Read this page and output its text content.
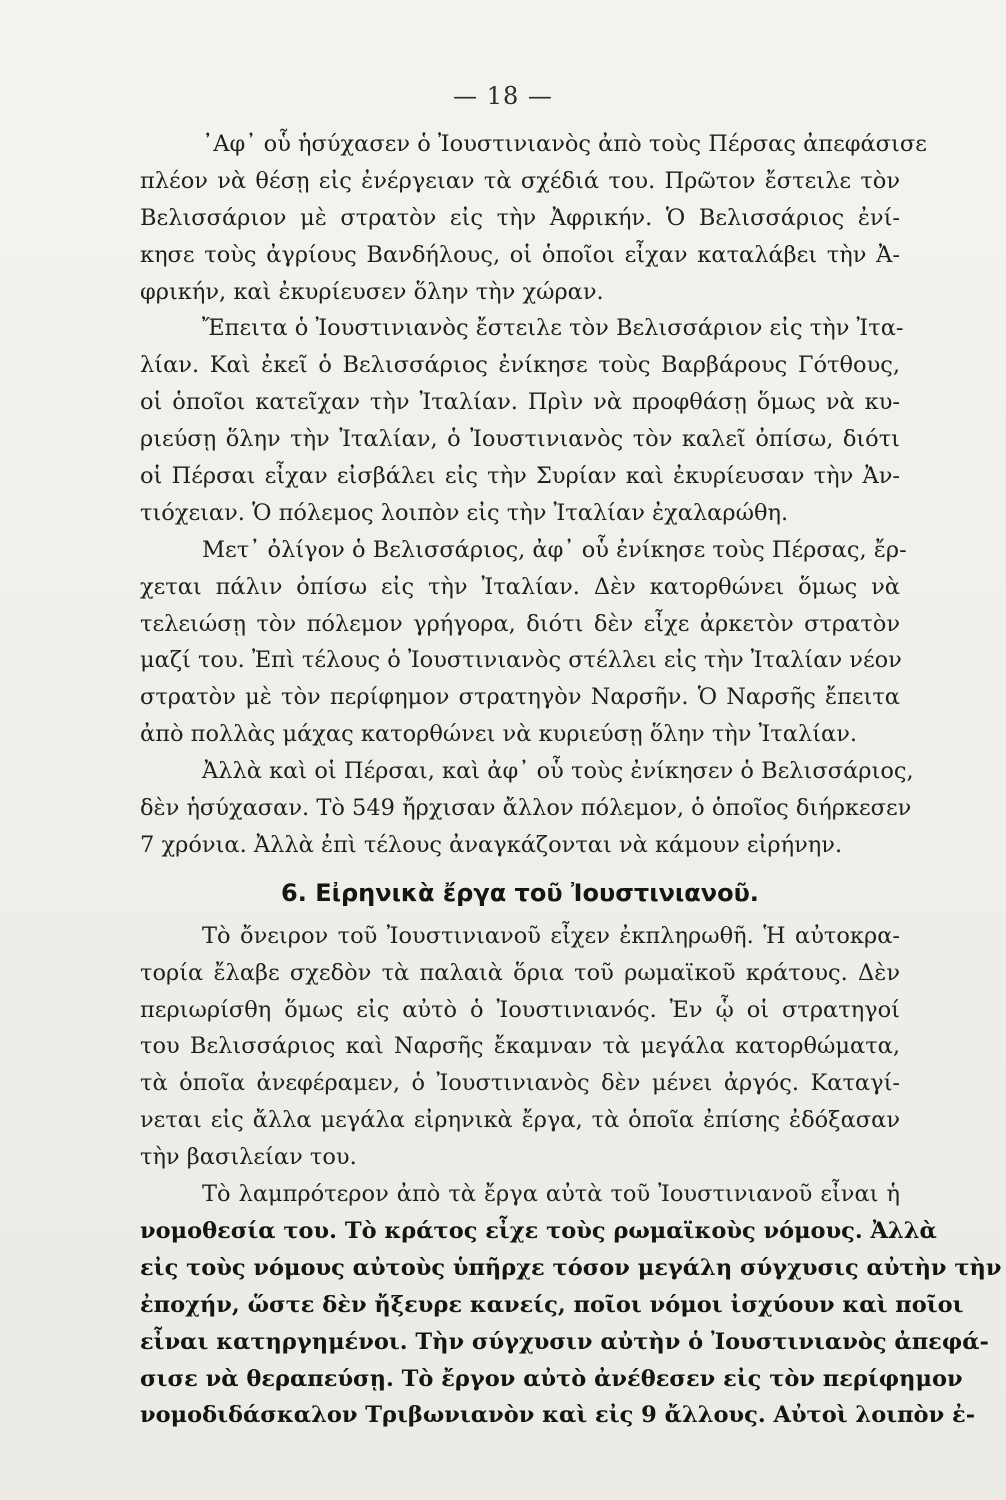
— 18 —
᾿Αφ᾿ οὗ ἡσύχασεν ὁ Ἰουστινιανὸς ἀπὸ τοὺς Πέρσας ἀπεφάσισε
πλέον νὰ θέσῃ εἰς ἐνέργειαν τὰ σχέδιά του. Πρῶτον ἔστειλε τὸν
Βελισσάριον μὲ στρατὸν εἰς τὴν Ἀφρικήν. Ὁ Βελισσάριος ἐνί-
κησε τοὺς ἀγρίους Βανδήλους, οἱ ὁποῖοι εἶχαν καταλάβει τὴν Ἀ-
φρικήν, καὶ ἐκυρίευσεν ὅλην τὴν χώραν.
Ἔπειτα ὁ Ἰουστινιανὸς ἔστειλε τὸν Βελισσάριον εἰς τὴν Ἰτα-
λίαν. Καὶ ἐκεῖ ὁ Βελισσάριος ἐνίκησε τοὺς Βαρβάρους Γότθους,
οἱ ὁποῖοι κατεῖχαν τὴν Ἰταλίαν. Πρὶν νὰ προφθάσῃ ὅμως νὰ κυ-
ριεύσῃ ὅλην τὴν Ἰταλίαν, ὁ Ἰουστινιανὸς τὸν καλεῖ ὀπίσω, διότι
οἱ Πέρσαι εἶχαν εἰσβάλει εἰς τὴν Συρίαν καὶ ἐκυρίευσαν τὴν Ἀν-
τιόχειαν. Ὁ πόλεμος λοιπὸν εἰς τὴν Ἰταλίαν ἐχαλαρώθη.
Μετ᾿ ὀλίγον ὁ Βελισσάριος, ἀφ᾿ οὗ ἐνίκησε τοὺς Πέρσας, ἔρ-
χεται πάλιν ὀπίσω εἰς τὴν Ἰταλίαν. Δὲν κατορθώνει ὅμως νὰ
τελειώσῃ τὸν πόλεμον γρήγορα, διότι δὲν εἶχε ἀρκετὸν στρατὸν
μαζί του. Ἐπὶ τέλους ὁ Ἰουστινιανὸς στέλλει εἰς τὴν Ἰταλίαν νέον
στρατὸν μὲ τὸν περίφημον στρατηγὸν Ναρσῆν. Ὁ Ναρσῆς ἔπειτα
ἀπὸ πολλὰς μάχας κατορθώνει νὰ κυριεύσῃ ὅλην τὴν Ἰταλίαν.
Ἀλλὰ καὶ οἱ Πέρσαι, καὶ ἀφ᾿ οὗ τοὺς ἐνίκησεν ὁ Βελισσάριος,
δὲν ἡσύχασαν. Τὸ 549 ἤρχισαν ἄλλον πόλεμον, ὁ ὁποῖος διήρκεσεν
7 χρόνια. Ἀλλὰ ἐπὶ τέλους ἀναγκάζονται νὰ κάμουν εἰρήνην.
6. Εἰρηνικὰ ἔργα τοῦ Ἰουστινιανοῦ.
Τὸ ὄνειρον τοῦ Ἰουστινιανοῦ εἶχεν ἐκπληρωθῆ. Ἡ αὐτοκρα-
τορία ἔλαβε σχεδὸν τὰ παλαιὰ ὅρια τοῦ ρωμαϊκοῦ κράτους. Δὲν
περιωρίσθη ὅμως εἰς αὐτὸ ὁ Ἰουστινιανός. Ἐν ᾧ οἱ στρατηγοί
του Βελισσάριος καὶ Ναρσῆς ἔκαμναν τὰ μεγάλα κατορθώματα,
τὰ ὁποῖα ἀνεφέραμεν, ὁ Ἰουστινιανὸς δὲν μένει ἀργός. Καταγί-
νεται εἰς ἄλλα μεγάλα εἰρηνικὰ ἔργα, τὰ ὁποῖα ἐπίσης ἐδόξασαν
τὴν βασιλείαν του.
Τὸ λαμπρότερον ἀπὸ τὰ ἔργα αὐτὰ τοῦ Ἰουστινιανοῦ εἶναι ἡ
νομοθεσία του. Τὸ κράτος εἶχε τοὺς ρωμαϊκοὺς νόμους. Ἀλλὰ
εἰς τοὺς νόμους αὐτοὺς ὑπῆρχε τόσον μεγάλη σύγχυσις αὐτὴν τὴν
ἐποχήν, ὥστε δὲν ἤξευρε κανείς, ποῖοι νόμοι ἰσχύουν καὶ ποῖοι
εἶναι κατηργημένοι. Τὴν σύγχυσιν αὐτὴν ὁ Ἰουστινιανὸς ἀπεφά-
σισε νὰ θεραπεύσῃ. Τὸ ἔργον αὐτὸ ἀνέθεσεν εἰς τὸν περίφημον
νομοδιδάσκαλον Τριβωνιανὸν καὶ εἰς 9 ἄλλους. Αὐτοὶ λοιπὸν ἐ-
